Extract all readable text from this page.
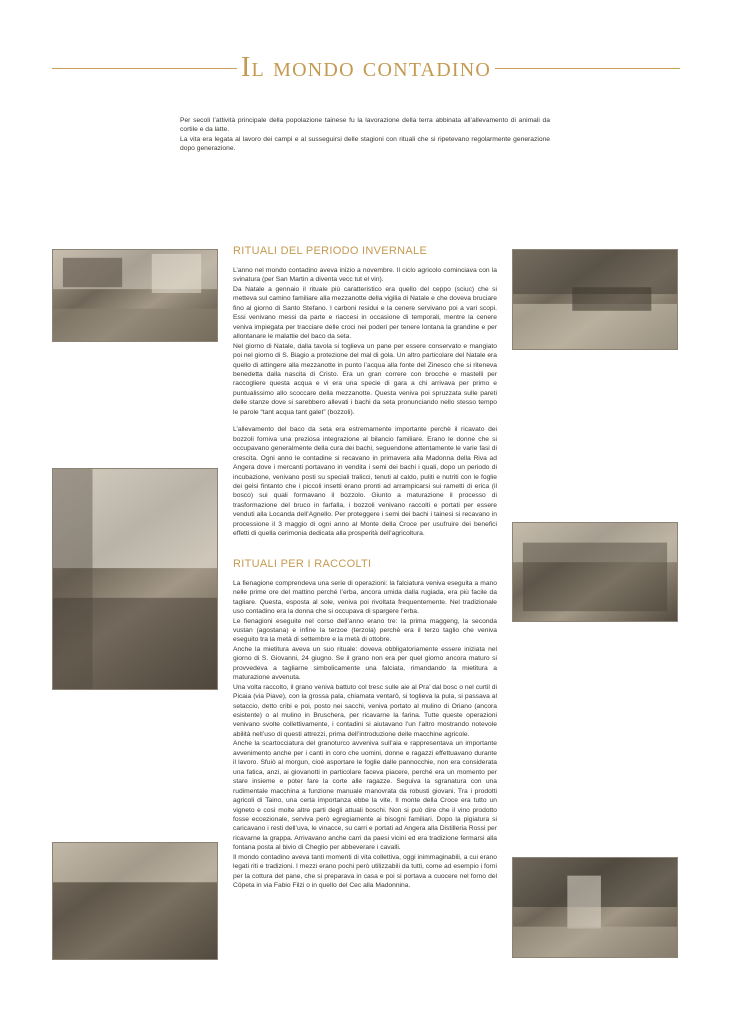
Il mondo contadino

Per secoli l’attività principale della popolazione tainese fu la lavorazione della terra abbinata all’allevamento di animali da cortile e da latte.

La vita era legata al lavoro dei campi e al susseguirsi delle stagioni con rituali che si ripetevano regolarmente generazione dopo generazione.

RITUALI DEL PERIODO INVERNALE

L’anno nel mondo contadino aveva inizio a novembre. Il ciclo agricolo cominciava con la svinatura (per San Martin a diventa vecc tut el vin).

Da Natale a gennaio il rituale più caratteristico era quello del ceppo (sciuc) che si metteva sul camino familiare alla mezzanotte della vigilia di Natale e che doveva bruciare fino al giorno di Santo Stefano. I carboni residui e la cenere servivano poi a vari scopi. Essi venivano messi da parte e riaccesi in occasione di temporali, mentre la cenere veniva impiegata per tracciare delle croci nei poderi per tenere lontana la grandine e per allontanare le malattie del baco da seta.

Nel giorno di Natale, dalla tavola si toglieva un pane per essere conservato e mangiato poi nel giorno di S. Biagio a protezione del mal di gola. Un altro particolare del Natale era quello di attingere alla mezzanotte in punto l’acqua alla fonte del Zinesco che si riteneva benedetta dalla nascita di Cristo. Era un gran correre con brocche e mastelli per raccogliere questa acqua e vi era una specie di gara a chi arrivava per primo e puntualissimo allo scoccare della mezzanotte. Questa veniva poi spruzzata sulle pareti delle stanze dove si sarebbero allevati i bachi da seta pronunciando nello stesso tempo le parole “tant acqua tant galet” (bozzoli).

L’allevamento del baco da seta era estremamente importante perchè il ricavato dei bozzoli forniva una preziosa integrazione al bilancio familiare. Erano le donne che si occupavano generalmente della cura dei bachi, seguendone attentamente le varie fasi di crescita. Ogni anno le contadine si recavano in primavera alla Madonna della Riva ad Angera dove i mercanti portavano in vendita i semi dei bachi i quali, dopo un periodo di incubazione, venivano posti su speciali tralicci, tenuti al caldo, puliti e nutriti con le foglie dei gelsi fintanto che i piccoli insetti erano pronti ad arrampicarsi sui rametti di erica (il bosco) sui quali formavano il bozzolo. Giunto a maturazione il processo di trasformazione del bruco in farfalla, i bozzoli venivano raccolti e portati per essere venduti alla Locanda dell’Agnello. Per proteggere i semi dei bachi i tainesi si recavano in processione il 3 maggio di ogni anno al Monte della Croce per usufruire dei benefici effetti di quella cerimonia dedicata alla prosperità dell’agricoltura.

RITUALI PER I RACCOLTI

La fienagione comprendeva una serie di operazioni: la falciatura veniva eseguita a mano nelle prime ore del mattino perché l’erba, ancora umida dalla rugiada, era più facile da tagliare. Questa, esposta al sole, veniva poi rivoltata frequentemente. Nel tradizionale uso contadino era la donna che si occupava di spargere l’erba.

Le fienagioni eseguite nel corso dell’anno erano tre: la prima maggeng, la seconda vustan (agostana) e infine la terzoe (terzola) perchè era il terzo taglio che veniva eseguito tra la metà di settembre e la metà di ottobre.

Anche la mietitura aveva un suo rituale: doveva obbligatoriamente essere iniziata nel giorno di S. Giovanni, 24 giugno. Se il grano non era per quel giorno ancora maturo si provvedeva a tagliarne simbolicamente una falciata, rimandando la mietitura a maturazione avvenuta.

Una volta raccolto, il grano veniva battuto col tresc sulle aie al Pra’ dal bosc o nel curtil di Picaia (via Piave), con la grossa pala, chiamata ventarö, si toglieva la pula, si passava al setaccio, detto cribi e poi, posto nei sacchi, veniva portato al mulino di Oriano (ancora esistente) o al mulino in Bruschera, per ricavarne la farina. Tutte queste operazioni venivano svolte collettivamente, i contadini si aiutavano l’un l’altro mostrando notevole abilità nell’uso di questi attrezzi, prima dell’introduzione delle macchine agricole.

Anche la scartocciatura del granoturco avveniva sull’aia e rappresentava un importante avvenimento anche per i canti in coro che uomini, donne e ragazzi effettuavano durante il lavoro. Sfuiò al morgun, cioè asportare le foglie dalle pannocchie, non era considerata una fatica, anzi, ai giovanotti in particolare faceva piacere, perché era un momento per stare insieme e poter fare la corte alle ragazze. Seguiva la sgranatura con una rudimentale macchina a funzione manuale manovrata da robusti giovani. Tra i prodotti agricoli di Taino, una certa importanza ebbe la vite. Il monte della Croce era tutto un vigneto e così molte altre parti degli attuali boschi. Non si può dire che il vino prodotto fosse eccezionale, serviva però egregiamente ai bisogni familiari. Dopo la pigiatura si caricavano i resti dell’uva, le vinacce, su carri e portati ad Angera alla Distilleria Rossi per ricavarne la grappa. Arrivavano anche carri da paesi vicini ed era tradizione fermarsi alla fontana posta al bivio di Cheglio per abbeverare i cavalli.

Il mondo contadino aveva tanti momenti di vita collettiva, oggi inimmaginabili, a cui erano legati riti e tradizioni. I mezzi erano pochi però utilizzabili da tutti, come ad esempio i forni per la cottura del pane, che si preparava in casa e poi si portava a cuocere nel forno del Cöpeta in via Fabio Filzi o in quello del Cec alla Madonnina.
